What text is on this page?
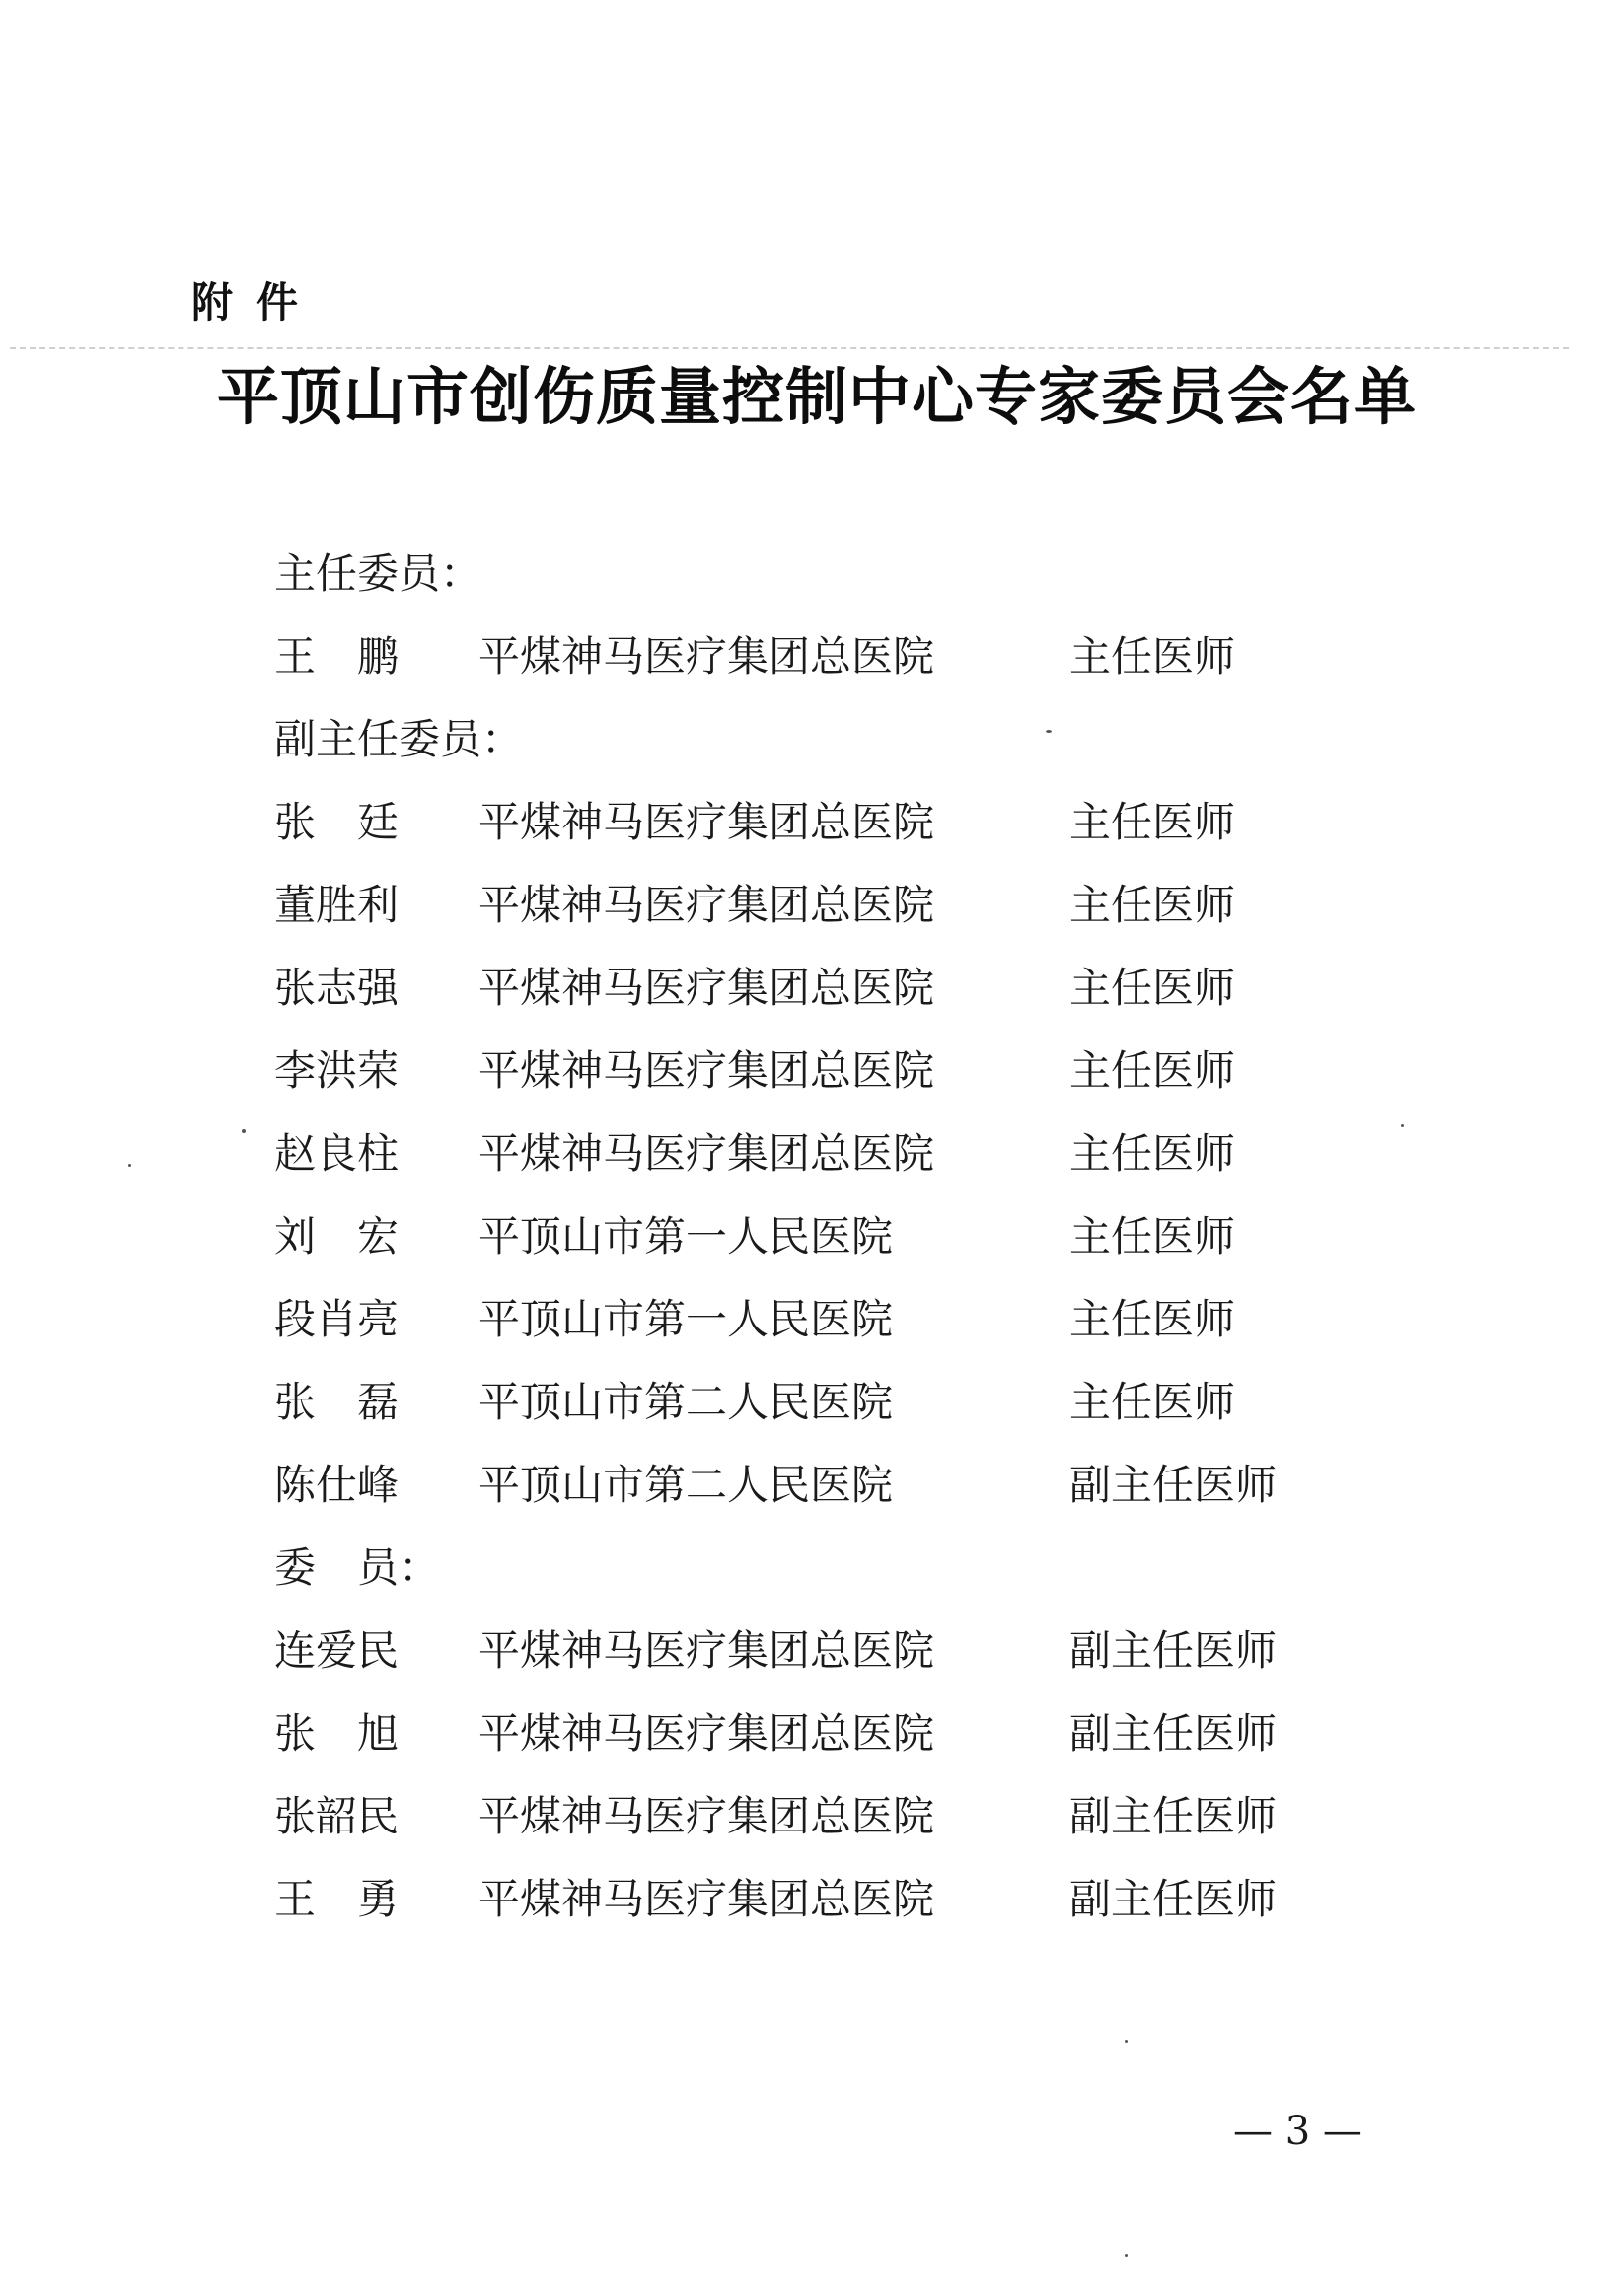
附件
平顶山市创伤质量控制中心专家委员会名单
主任委员：
王　鹏	平煤神马医疗集团总医院	主任医师
副主任委员：
张　廷	平煤神马医疗集团总医院	主任医师
董胜利	平煤神马医疗集团总医院	主任医师
张志强	平煤神马医疗集团总医院	主任医师
李洪荣	平煤神马医疗集团总医院	主任医师
赵良柱	平煤神马医疗集团总医院	主任医师
刘　宏	平顶山市第一人民医院	主任医师
段肖亮	平顶山市第一人民医院	主任医师
张　磊	平顶山市第二人民医院	主任医师
陈仕峰	平顶山市第二人民医院	副主任医师
委　员：
连爱民	平煤神马医疗集团总医院	副主任医师
张　旭	平煤神马医疗集团总医院	副主任医师
张韶民	平煤神马医疗集团总医院	副主任医师
王　勇	平煤神马医疗集团总医院	副主任医师
— 3 —
